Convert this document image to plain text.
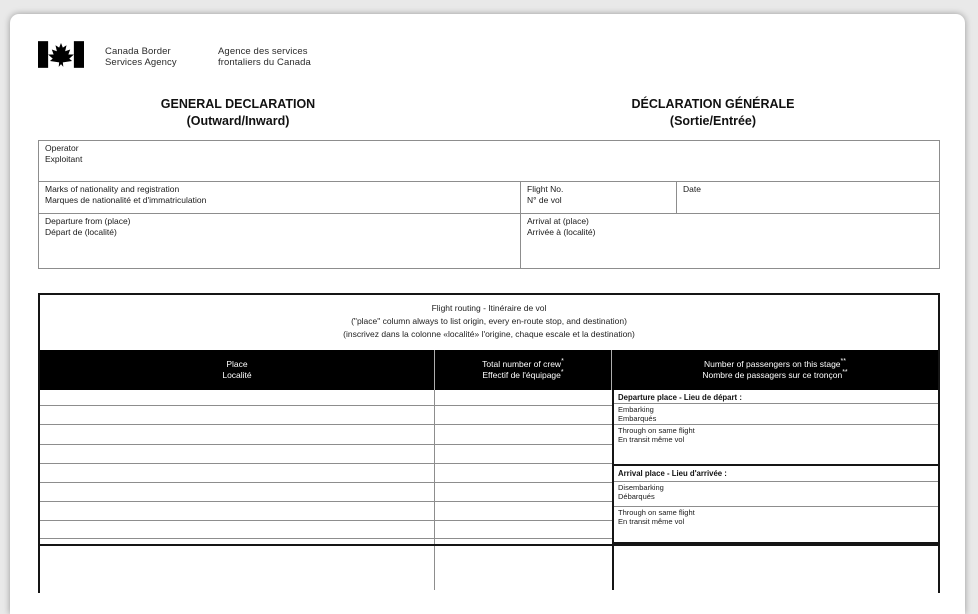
Canada Border
Services Agency
Agence des services
frontaliers du Canada
GENERAL DECLARATION
(Outward/Inward)
DÉCLARATION GÉNÉRALE
(Sortie/Entrée)
Operator
Exploitant
Marks of nationality and registration
Marques de nationalité et d'immatriculation
Flight No.
N° de vol
Date
Departure from (place)
Départ de (localité)
Arrival at (place)
Arrivée à (localité)
Flight routing - Itinéraire de vol
("place" column always to list origin, every en-route stop, and destination)
(inscrivez dans la colonne «localité» l'origine, chaque escale et la destination)
Place
Localité
Total number of crew*
Effectif de l'équipage*
Number of passengers on this stage**
Nombre de passagers sur ce tronçon**
Departure place - Lieu de départ :
Embarking
Embarqués
Through on same flight
En transit même vol
Arrival place - Lieu d'arrivée :
Disembarking
Débarqués
Through on same flight
En transit même vol
